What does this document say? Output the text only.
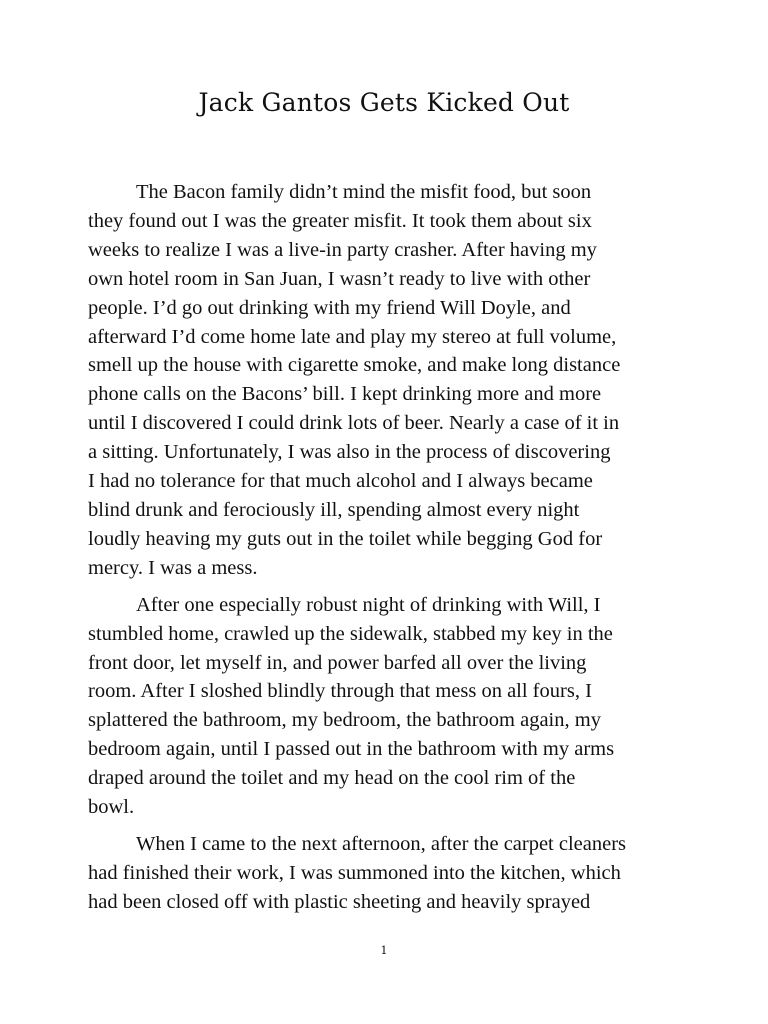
Jack Gantos Gets Kicked Out

The Bacon family didn’t mind the misfit food, but soon
they found out I was the greater misfit. It took them about six
weeks to realize I was a live-in party crasher. After having my
own hotel room in San Juan, I wasn’t ready to live with other
people. I’d go out drinking with my friend Will Doyle, and
afterward I’d come home late and play my stereo at full volume,
smell up the house with cigarette smoke, and make long distance
phone calls on the Bacons’ bill. I kept drinking more and more
until I discovered I could drink lots of beer. Nearly a case of it in
a sitting. Unfortunately, I was also in the process of discovering
I had no tolerance for that much alcohol and I always became
blind drunk and ferociously ill, spending almost every night
loudly heaving my guts out in the toilet while begging God for
mercy. I was a mess.

After one especially robust night of drinking with Will, I
stumbled home, crawled up the sidewalk, stabbed my key in the
front door, let myself in, and power barfed all over the living
room. After I sloshed blindly through that mess on all fours, I
splattered the bathroom, my bedroom, the bathroom again, my
bedroom again, until I passed out in the bathroom with my arms
draped around the toilet and my head on the cool rim of the
bowl.

When I came to the next afternoon, after the carpet cleaners
had finished their work, I was summoned into the kitchen, which
had been closed off with plastic sheeting and heavily sprayed

1
